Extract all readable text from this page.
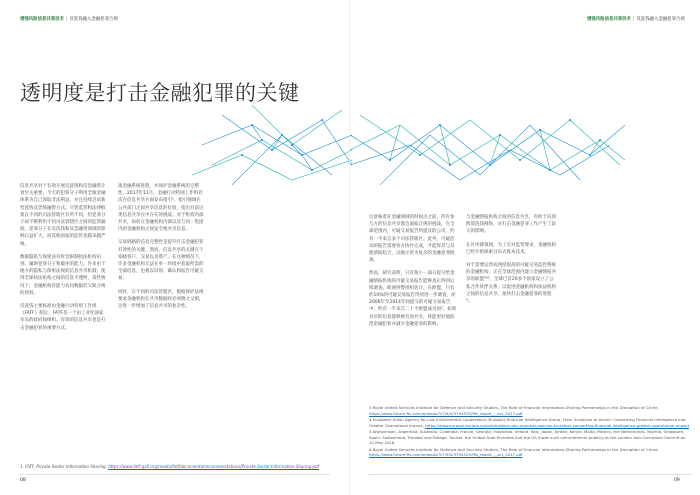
增强风险信息共享技术 | 反洗钱融入金融犯罪合规
透明度是打击金融犯罪的关键

信息共享对于有效开展反洗钱和反恐融资计划至关重要。今天的犯罪分子利用全球金融体系为自己谋取非法利益，并且持续尝试新型洗钱及恐怖融资方式。尽管监管和法律框架在不同的司法管辖区有所不同，但犯罪分子却不断利用不同司法管辖区之间的监管漏洞，犯罪分子在反洗钱和反恐融资领域的影响日益扩大，而其他国家的监管也越来越严格。

数据隐私与保密法有时会限制执法机构识别、辅助犯罪分子和破坏的能力。许多由于地方的隐私与保密法规的信息共享机制，使得全球执法机构之间的信息不透明，某些情况下，金融机构有能力访问数据但欠缺合规的授权。

反洗钱主要标准由金融行动特别工作组（FATF）制定，FATF是一个由工业化国家牵头的政府间组织。有效的信息共享也是打击金融犯罪的重要方式。

离金融系统进程，并保护金融系统的完整性。2017年11月，金融行动特别工作组首次在信息共享方面发布指引¹。指引强调在公共部门之间共享信息的价值，指出目前这类信息共享在中存在的挑战。对于机构内部共享，如何在金融机构内部以及与同一集团内的金融机构之间安全地共享信息。

交易链路的信息完整性是提升打击金融犯罪有效性的关键。然而，信息共享的关键在于知晓客户、交易以及资产。在这种情况下，许多金融机构无法在单一环境中获取所需的全部信息，也难以识别、确认和报告可疑交易。

同时，在不同的司法管辖区，数据保护法规要求金融机构在共享数据时必须慎之又慎，这进一步增加了信息共享的复杂性。

1. FATF, Private Sector Information Sharing. https://www.fatf-gafi.org/media/fatf/documents/recommendations/Private-Sector-Information-Sharing.pdf
08
增强风险信息共享技术 | 反洗钱融入金融犯罪合规

这意味着在金融领域的时间点之前，所有参与方的信息共享都会面临合规的挑战。在全球范围内，可疑交易报告所提及的公司，约有一半来自多个司法管辖区。此外，可疑活动的报告需要各方协作完成，才能将其与其他情报结合，以揭示更为复杂的金融犯罪链条。

然而，研究表明，只有很小一部分提交给金融情报机构的可疑交易报告能够真正得到后续调查。欧洲刑警组织估计，在欧盟，只有约10%的可疑交易报告得到进一步调查，而2006年至2014年间提交的可疑交易报告中，约有一半来自二十个欧盟成员国²。如果对应的信息能够被有效共享，将能更好地防范金融犯罪并减少金融犯罪的影响。

与金融情报机构之间的信息共享，有助于识别跨境洗钱网络，对打击金融犯罪工作产生了较大的影响。

在区块链领域，为了应对监管要求，金融机构已经开始探索分布式账本技术。

对于需要运营成熟度很高的可疑交易监控系统的金融机构，正在全球范围内建立金融情报共享的联盟³⁴⁵。全球已有20多个国家设立了公私合作伙伴关系，以促进金融机构和执法机构之间的信息共享，加快打击金融犯罪的进程⁶。

3.Royal United Services Institute for Defence and Security Studies, The Role of Financial Information-Sharing Partnerships in the Disruption of Crime, https://www.future-fis.com/uploads/3/7/9/4/3794525/ffis_report_-_oct_2017.pdf
4.European Union Agency for Law Enforcement Cooperation (Europol) Financial Intelligence Group, From Suspicion to Action: Converting Financial Intelligence into Greater Operational Impact, https://www.europol.europa.eu/publications-documents/suspicion-to-action-converting-financial-intelligence-greater-operational-impact
5.Afghanistan, Argentina, Australia, Colombia, France, Georgia, Indonesia, Ireland, Italy, Japan, Jordan, Kenya, Malta, Mexico, the Netherlands, Nigeria, Singapore, Spain, Switzerland, Trinidad and Tobago, Tunisia, the United Arab Emirates and the US made such commitments publicly at the London Anti-Corruption Summit on 12 May 2016.
6.Royal United Services Institute for Defence and Security Studies, The Role of Financial Information-Sharing Partnerships in the Disruption of Crime, https://www.future-fis.com/uploads/3/7/9/4/3794525/ffis_report_-_oct_2017.pdf
09
